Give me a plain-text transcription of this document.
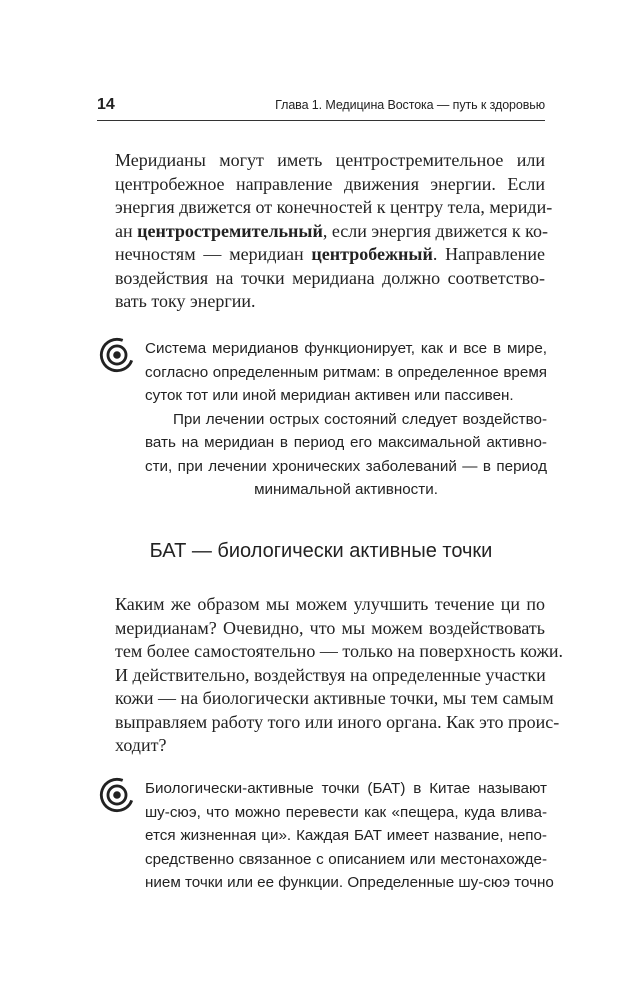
14	Глава 1. Медицина Востока — путь к здоровью
Меридианы могут иметь центростремительное или
центробежное направление движения энергии. Если
энергия движется от конечностей к центру тела, мериди-
ан центростремительный, если энергия движется к ко-
нечностям — меридиан центробежный. Направление
воздействия на точки меридиана должно соответство-
вать току энергии.
Система меридианов функционирует, как и все в мире,
согласно определенным ритмам: в определенное время
суток тот или иной меридиан активен или пассивен.
При лечении острых состояний следует воздейство-
вать на меридиан в период его максимальной активно-
сти, при лечении хронических заболеваний — в период
минимальной активности.
БАТ — биологически активные точки
Каким же образом мы можем улучшить течение ци по
меридианам? Очевидно, что мы можем воздействовать
тем более самостоятельно — только на поверхность кожи.
И действительно, воздействуя на определенные участки
кожи — на биологически активные точки, мы тем самым
выправляем работу того или иного органа. Как это проис-
ходит?
Биологически-активные точки (БАТ) в Китае называют
шу-сюэ, что можно перевести как «пещера, куда влива-
ется жизненная ци». Каждая БАТ имеет название, непо-
средственно связанное с описанием или местонахожде-
нием точки или ее функции. Определенные шу-сюэ точно
